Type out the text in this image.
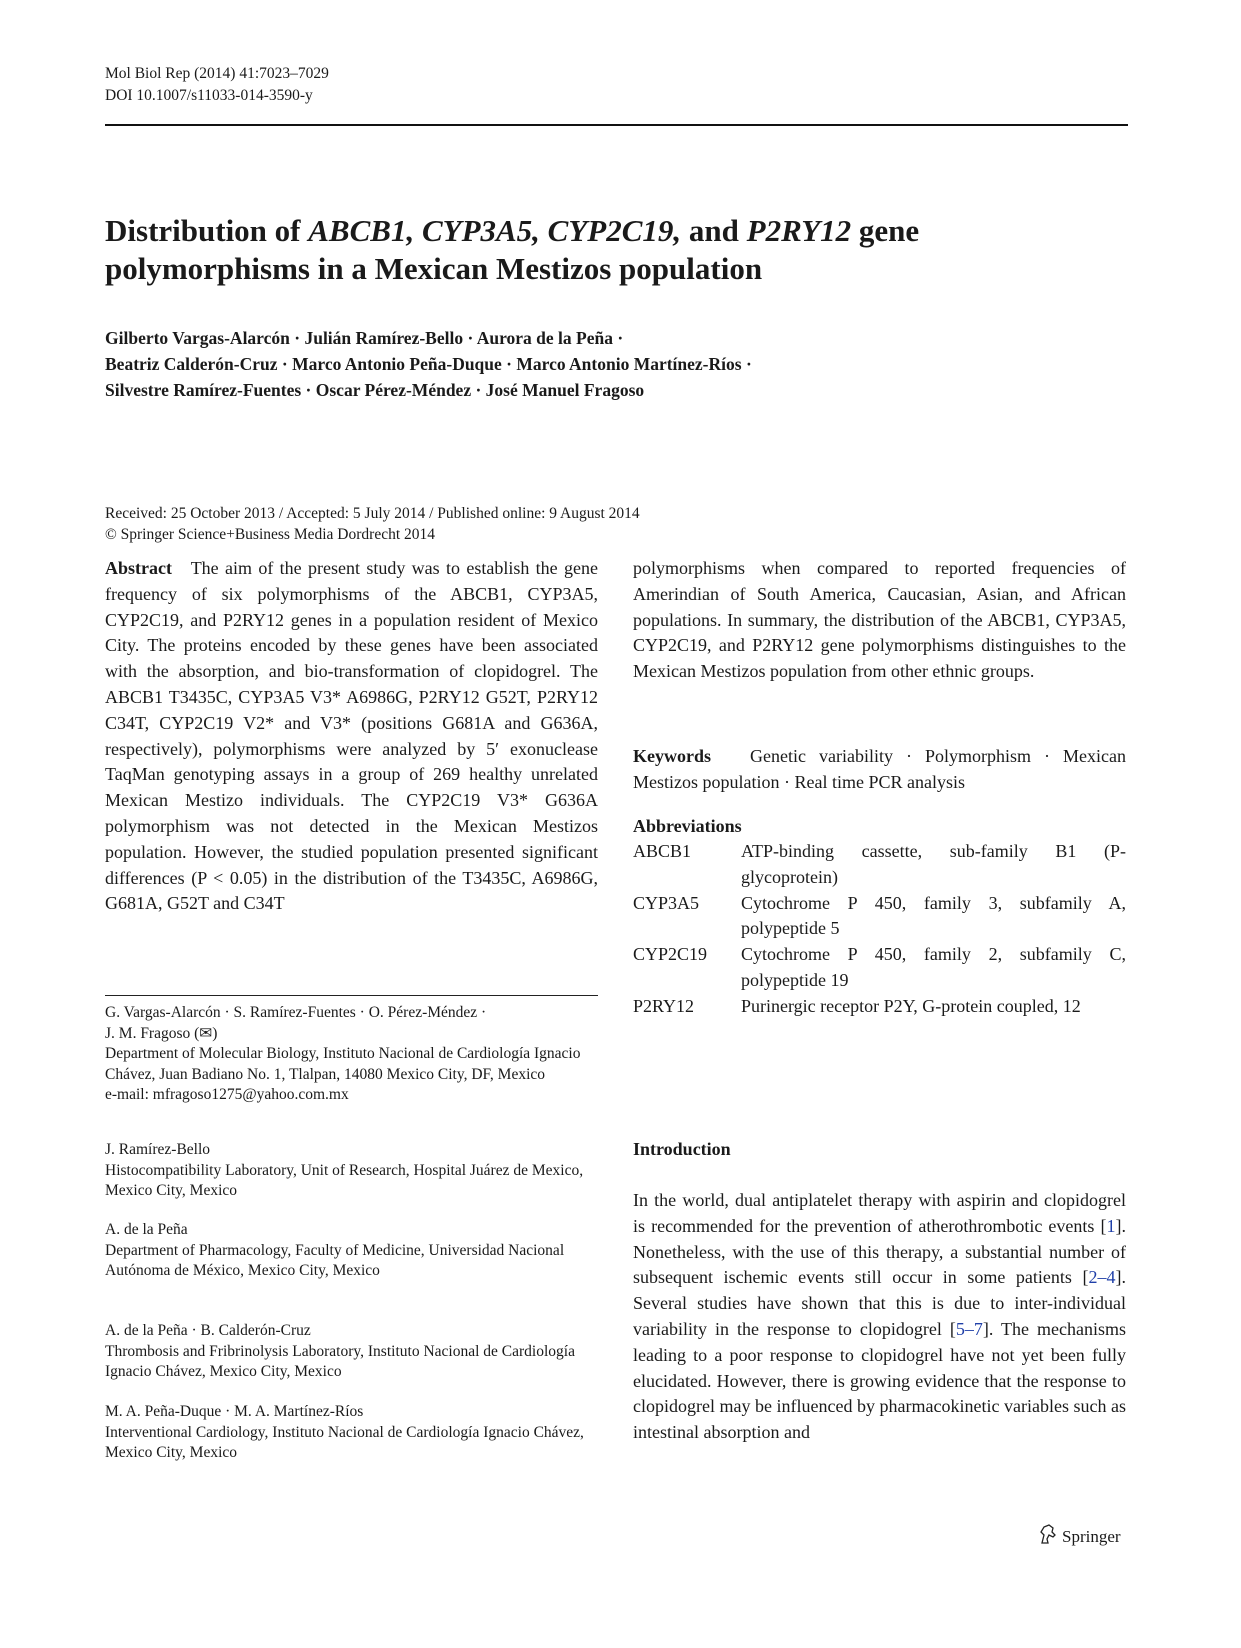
Mol Biol Rep (2014) 41:7023–7029
DOI 10.1007/s11033-014-3590-y
Distribution of ABCB1, CYP3A5, CYP2C19, and P2RY12 gene
polymorphisms in a Mexican Mestizos population
Gilberto Vargas-Alarcón · Julián Ramírez-Bello · Aurora de la Peña ·
Beatriz Calderón-Cruz · Marco Antonio Peña-Duque · Marco Antonio Martínez-Ríos ·
Silvestre Ramírez-Fuentes · Oscar Pérez-Méndez · José Manuel Fragoso
Received: 25 October 2013 / Accepted: 5 July 2014 / Published online: 9 August 2014
© Springer Science+Business Media Dordrecht 2014
Abstract The aim of the present study was to establish the gene frequency of six polymorphisms of the ABCB1, CYP3A5, CYP2C19, and P2RY12 genes in a population resident of Mexico City. The proteins encoded by these genes have been associated with the absorption, and bio-transformation of clopidogrel. The ABCB1 T3435C, CYP3A5 V3* A6986G, P2RY12 G52T, P2RY12 C34T, CYP2C19 V2* and V3* (positions G681A and G636A, respectively), polymorphisms were analyzed by 5′ exonuclease TaqMan genotyping assays in a group of 269 healthy unrelated Mexican Mestizo individuals. The CYP2C19 V3* G636A polymorphism was not detected in the Mexican Mestizos population. However, the studied population presented significant differences (P < 0.05) in the distribution of the T3435C, A6986G, G681A, G52T and C34T
G. Vargas-Alarcón · S. Ramírez-Fuentes · O. Pérez-Méndez ·
J. M. Fragoso (✉)
Department of Molecular Biology, Instituto Nacional de Cardiología Ignacio Chávez, Juan Badiano No. 1, Tlalpan, 14080 Mexico City, DF, Mexico
e-mail: mfragoso1275@yahoo.com.mx
J. Ramírez-Bello
Histocompatibility Laboratory, Unit of Research, Hospital Juárez de Mexico, Mexico City, Mexico
A. de la Peña
Department of Pharmacology, Faculty of Medicine, Universidad Nacional Autónoma de México, Mexico City, Mexico
A. de la Peña · B. Calderón-Cruz
Thrombosis and Fribrinolysis Laboratory, Instituto Nacional de Cardiología Ignacio Chávez, Mexico City, Mexico
M. A. Peña-Duque · M. A. Martínez-Ríos
Interventional Cardiology, Instituto Nacional de Cardiología Ignacio Chávez, Mexico City, Mexico
polymorphisms when compared to reported frequencies of Amerindian of South America, Caucasian, Asian, and African populations. In summary, the distribution of the ABCB1, CYP3A5, CYP2C19, and P2RY12 gene polymorphisms distinguishes to the Mexican Mestizos population from other ethnic groups.
Keywords Genetic variability · Polymorphism · Mexican Mestizos population · Real time PCR analysis
Abbreviations
ABCB1	ATP-binding cassette, sub-family B1 (P-glycoprotein)
CYP3A5	Cytochrome P 450, family 3, subfamily A, polypeptide 5
CYP2C19	Cytochrome P 450, family 2, subfamily C, polypeptide 19
P2RY12	Purinergic receptor P2Y, G-protein coupled, 12
Introduction
In the world, dual antiplatelet therapy with aspirin and clopidogrel is recommended for the prevention of atherothrombotic events [1]. Nonetheless, with the use of this therapy, a substantial number of subsequent ischemic events still occur in some patients [2–4]. Several studies have shown that this is due to inter-individual variability in the response to clopidogrel [5–7]. The mechanisms leading to a poor response to clopidogrel have not yet been fully elucidated. However, there is growing evidence that the response to clopidogrel may be influenced by pharmacokinetic variables such as intestinal absorption and
Springer
